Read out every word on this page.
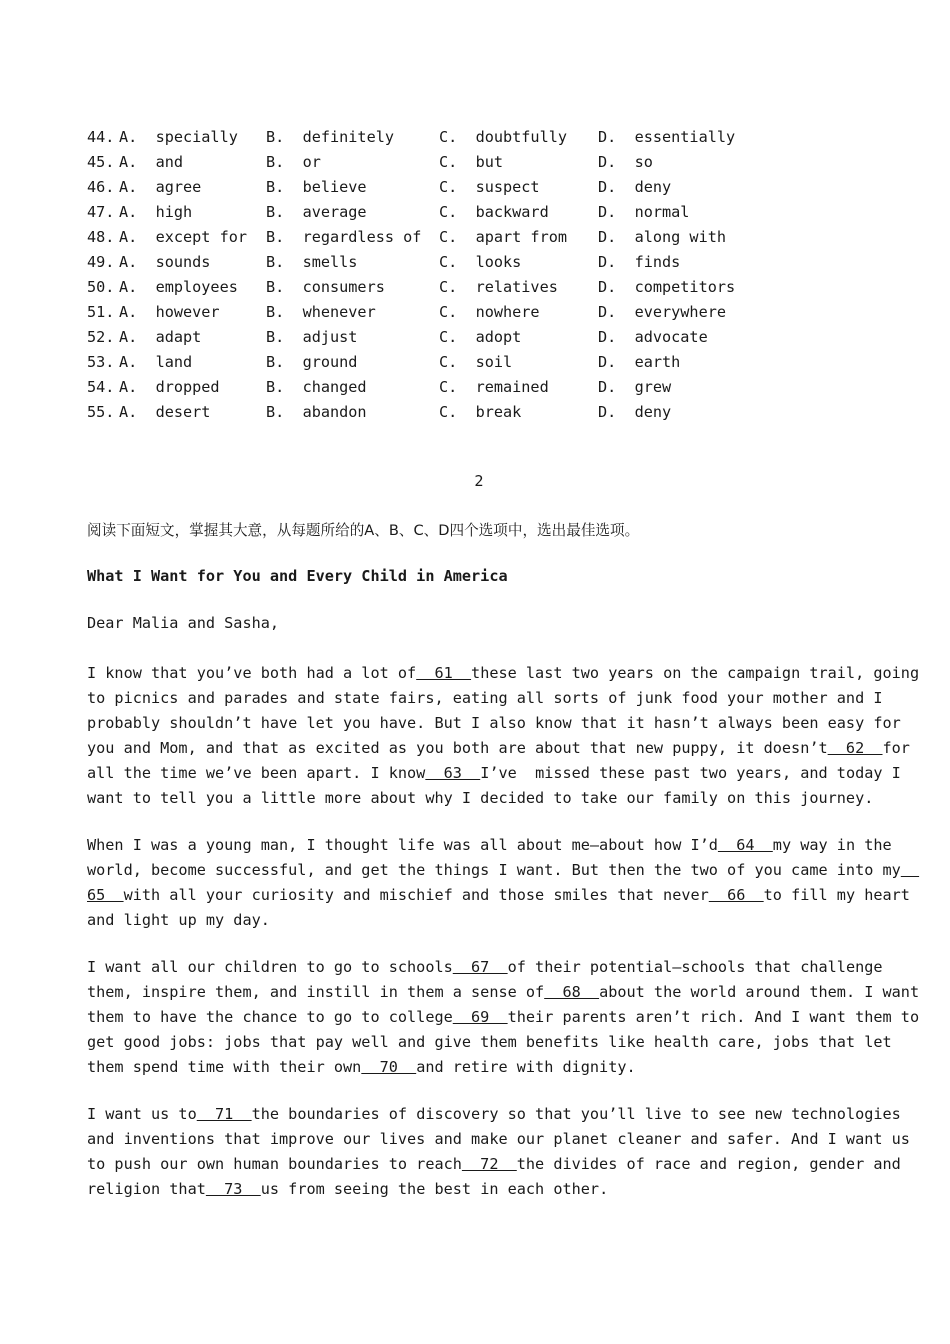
44. A.  specially B.  definitely	C.  doubtfully D.  essentially
45. A.  and	B.  or	C.  but	D.  so
46. A.  agree	B.  believe	C.  suspect	D.  deny
47. A.  high	B.  average	C.  backward	D.  normal
48. A.  except for B.  regardless of C.  apart from D.  along with
49. A.  sounds	B.  smells	C.  looks	D.  finds
50. A.  employees B.  consumers	C.  relatives	D.  competitors
51. A.  however	B.  whenever	C.  nowhere	D.  everywhere
52. A.  adapt	B.  adjust	C.  adopt	D.  advocate
53. A.  land	B.  ground	C.  soil	D.  earth
54. A.  dropped	B.  changed	C.  remained	D.  grew
55. A.  desert	B.  abandon	C.  break	D.  deny
2
阅读下面短文，掌握其大意，从每题所给的A、B、C、D四个选项中，选出最佳选项。
What I Want for You and Every Child in America
Dear Malia and Sasha,
I know that you’ve both had a lot of  61  these last two years on the campaign trail, going
to picnics and parades and state fairs, eating all sorts of junk food your mother and I
probably shouldn’t have let you have. But I also know that it hasn’t always been easy for
you and Mom, and that as excited as you both are about that new puppy, it doesn’t  62  for
all the time we’ve been apart. I know  63  I’ve  missed these past two years, and today I
want to tell you a little more about why I decided to take our family on this journey.
When I was a young man, I thought life was all about me—about how I’d  64  my way in the
world, become successful, and get the things I want. But then the two of you came into my
65  with all your curiosity and mischief and those smiles that never  66  to fill my heart
and light up my day.
I want all our children to go to schools  67  of their potential—schools that challenge
them, inspire them, and instill in them a sense of  68  about the world around them. I want
them to have the chance to go to college  69  their parents aren’t rich. And I want them to
get good jobs: jobs that pay well and give them benefits like health care, jobs that let
them spend time with their own  70  and retire with dignity.
I want us to  71  the boundaries of discovery so that you’ll live to see new technologies
and inventions that improve our lives and make our planet cleaner and safer. And I want us
to push our own human boundaries to reach  72  the divides of race and region, gender and
religion that  73  us from seeing the best in each other.
